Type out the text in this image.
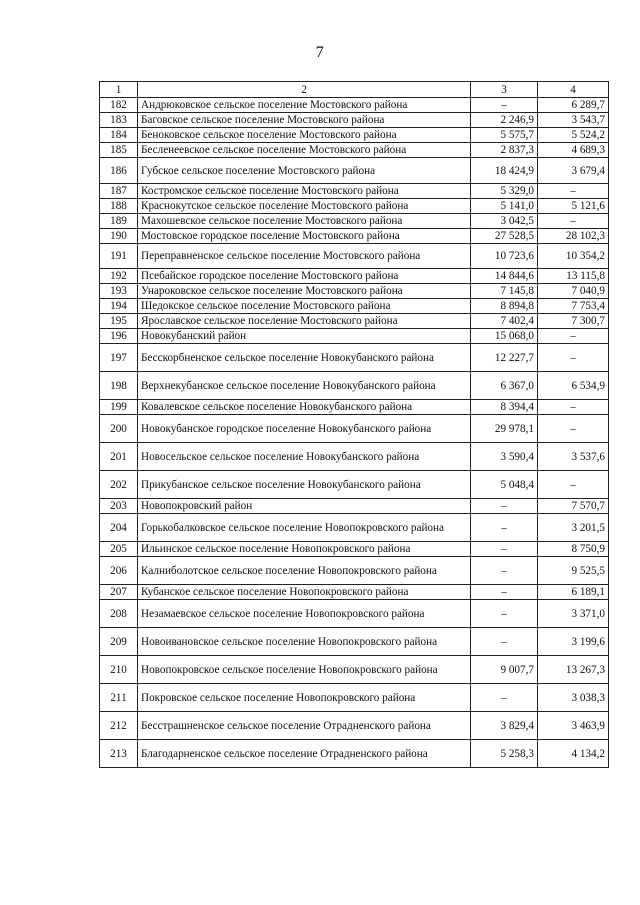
7
1	2	3	4
182	Андрюковское сельское поселение Мостовского района	–	6 289,7
183	Баговское сельское поселение Мостовского района	2 246,9	3 543,7
184	Беноковское сельское поселение Мостовского района	5 575,7	5 524,2
185	Бесленеевское сельское поселение Мостовского района	2 837,3	4 689,3
186	Губское сельское поселение Мостовского района	18 424,9	3 679,4
187	Костромское сельское поселение Мостовского района	5 329,0	–
188	Краснокутское сельское поселение Мостовского района	5 141,0	5 121,6
189	Махошевское сельское поселение Мостовского района	3 042,5	–
190	Мостовское городское поселение Мостовского района	27 528,5	28 102,3
191	Переправненское сельское поселение Мостовского района	10 723,6	10 354,2
192	Псебайское городское поселение Мостовского района	14 844,6	13 115,8
193	Унароковское сельское поселение Мостовского района	7 145,8	7 040,9
194	Шедокское сельское поселение Мостовского района	8 894,8	7 753,4
195	Ярославское сельское поселение Мостовского района	7 402,4	7 300,7
196	Новокубанский район	15 068,0	–
197	Бесскорбненское сельское поселение Новокубанского района	12 227,7	–
198	Верхнекубанское сельское поселение Новокубанского района	6 367,0	6 534,9
199	Ковалевское сельское поселение Новокубанского района	8 394,4	–
200	Новокубанское городское поселение Новокубанского района	29 978,1	–
201	Новосельское сельское поселение Новокубанского района	3 590,4	3 537,6
202	Прикубанское сельское поселение Новокубанского района	5 048,4	–
203	Новопокровский район	–	7 570,7
204	Горькобалковское сельское поселение Новопокровского района	–	3 201,5
205	Ильинское сельское поселение Новопокровского района	–	8 750,9
206	Калниболотское сельское поселение Новопокровского района	–	9 525,5
207	Кубанское сельское поселение Новопокровского района	–	6 189,1
208	Незамаевское сельское поселение Новопокровского района	–	3 371,0
209	Новоивановское сельское поселение Новопокровского района	–	3 199,6
210	Новопокровское сельское поселение Новопокровского района	9 007,7	13 267,3
211	Покровское сельское поселение Новопокровского района	–	3 038,3
212	Бесстрашненское сельское поселение Отрадненского района	3 829,4	3 463,9
213	Благодарненское сельское поселение Отрадненского района	5 258,3	4 134,2
